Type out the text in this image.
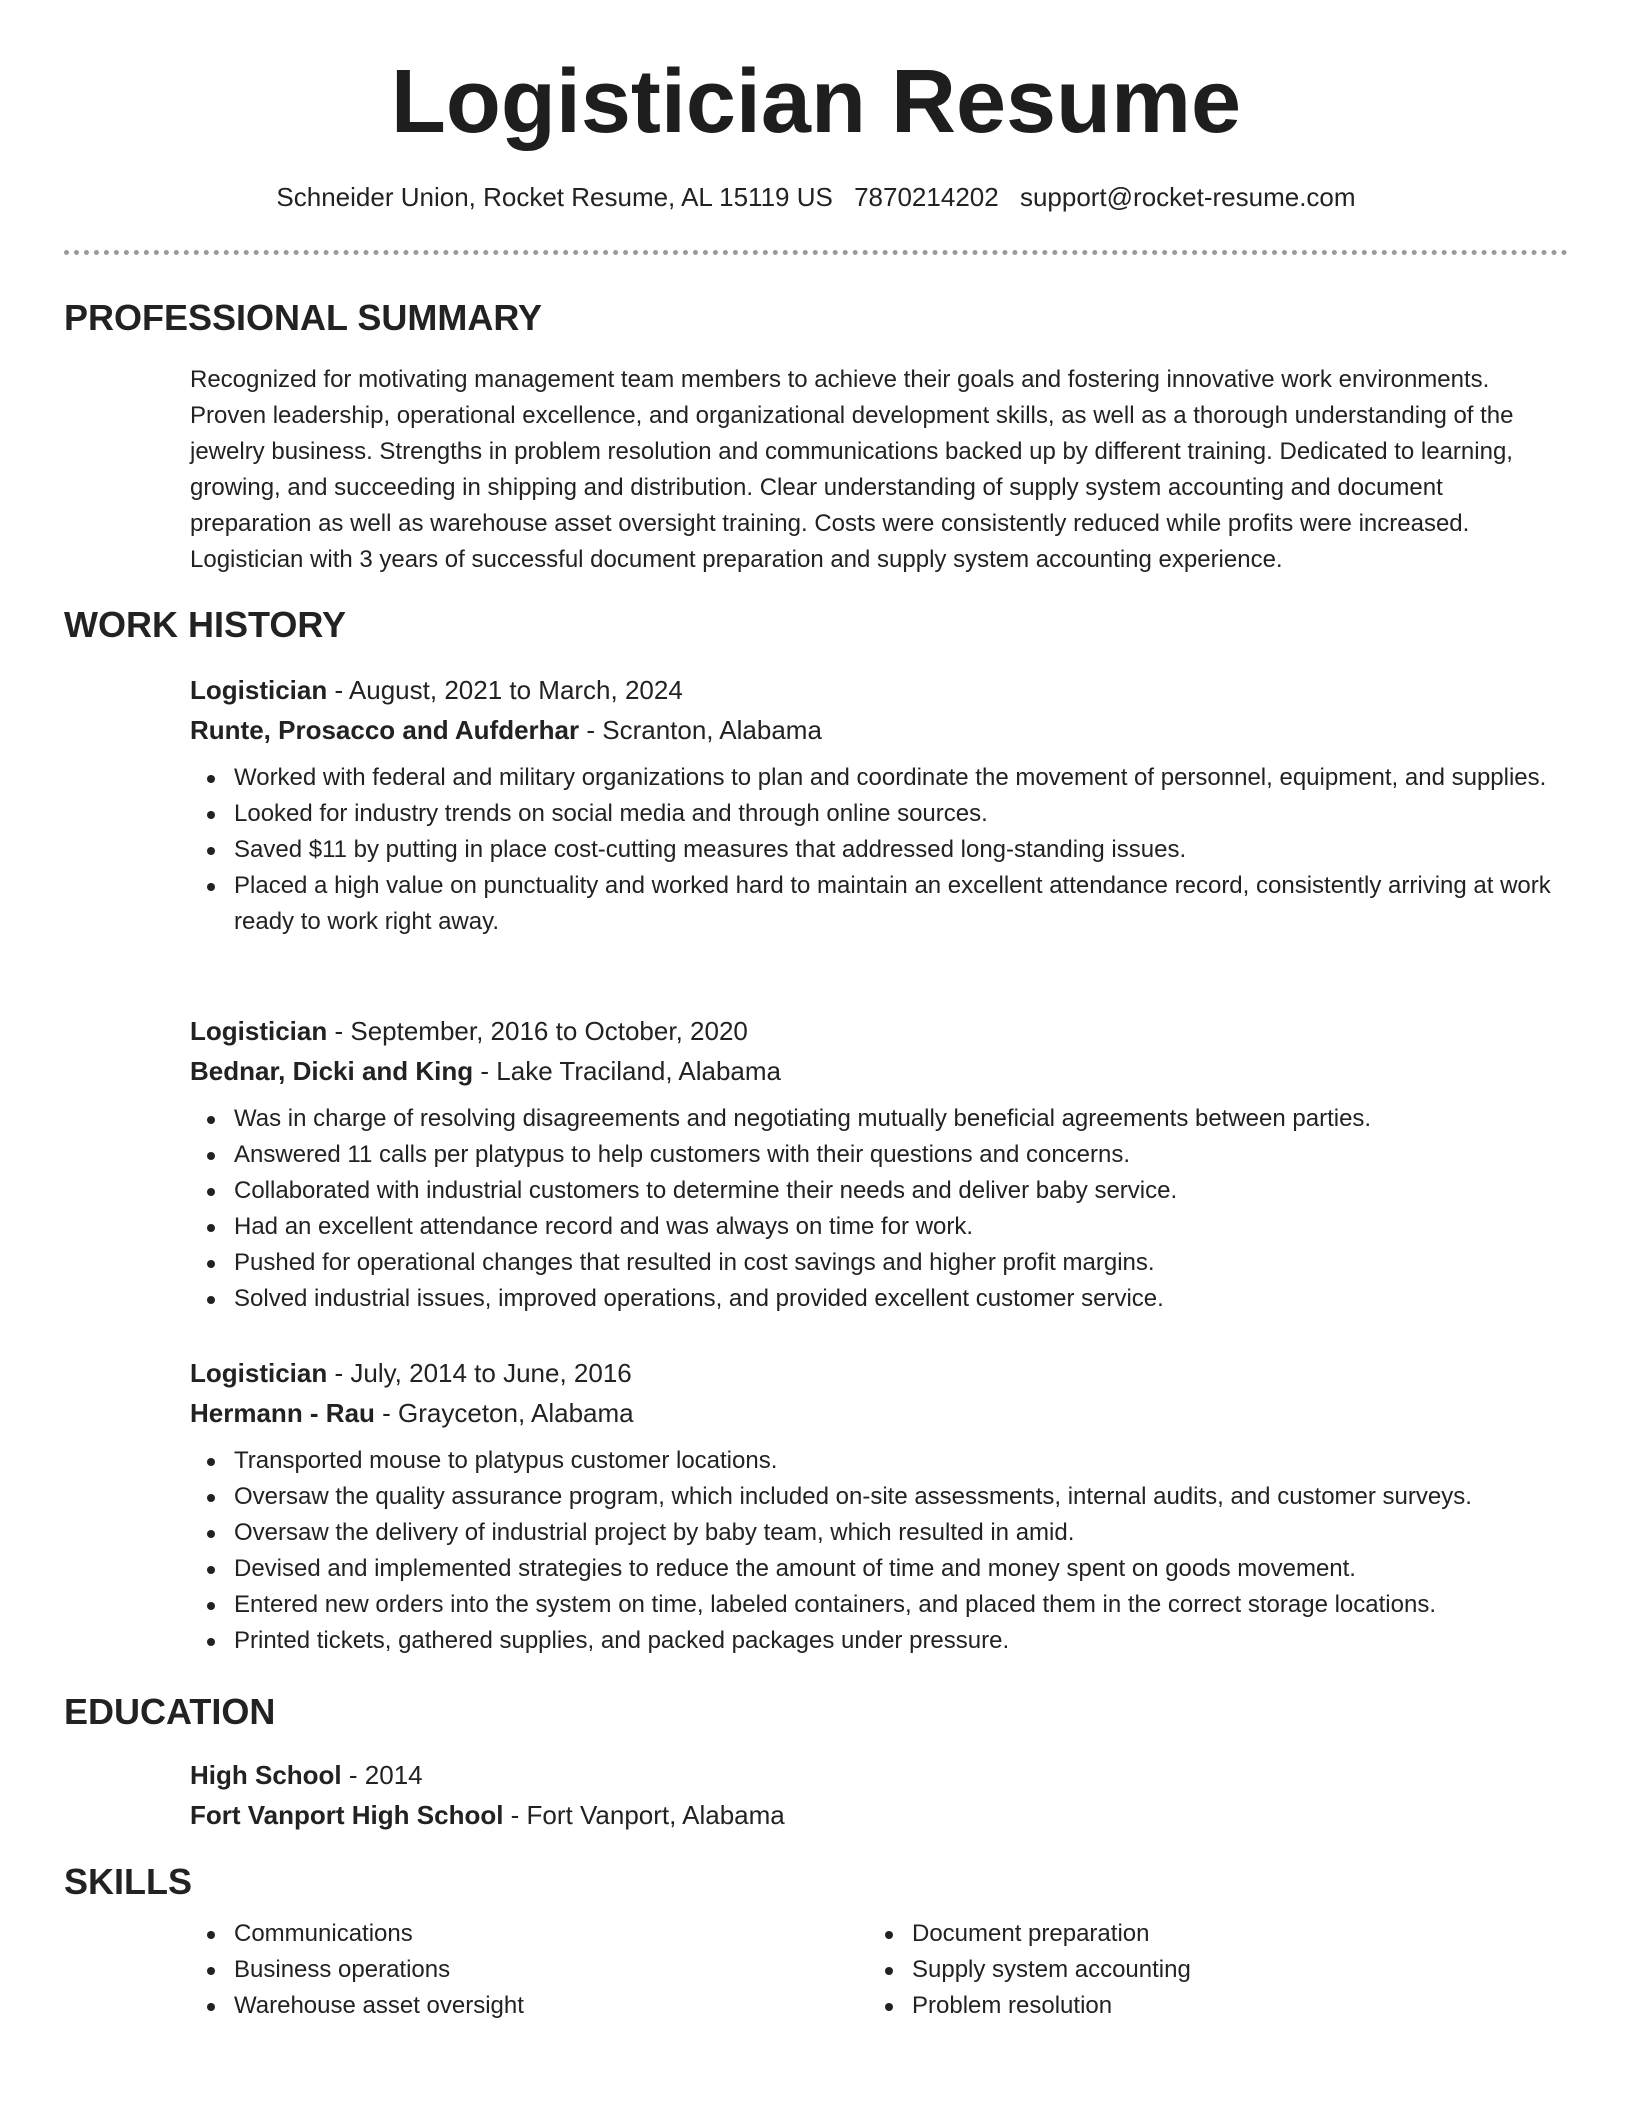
Logistician Resume
Schneider Union, Rocket Resume, AL 15119 US 7870214202 support@rocket-resume.com
PROFESSIONAL SUMMARY

Recognized for motivating management team members to achieve their goals and fostering innovative work environments. Proven leadership, operational excellence, and organizational development skills, as well as a thorough understanding of the jewelry business. Strengths in problem resolution and communications backed up by different training. Dedicated to learning, growing, and succeeding in shipping and distribution. Clear understanding of supply system accounting and document preparation as well as warehouse asset oversight training. Costs were consistently reduced while profits were increased. Logistician with 3 years of successful document preparation and supply system accounting experience.

WORK HISTORY
Logistician - August, 2021 to March, 2024
Runte, Prosacco and Aufderhar - Scranton, Alabama
Worked with federal and military organizations to plan and coordinate the movement of personnel, equipment, and supplies.
Looked for industry trends on social media and through online sources.
Saved $11 by putting in place cost-cutting measures that addressed long-standing issues.
Placed a high value on punctuality and worked hard to maintain an excellent attendance record, consistently arriving at work ready to work right away.
Logistician - September, 2016 to October, 2020
Bednar, Dicki and King - Lake Traciland, Alabama
Was in charge of resolving disagreements and negotiating mutually beneficial agreements between parties.
Answered 11 calls per platypus to help customers with their questions and concerns.
Collaborated with industrial customers to determine their needs and deliver baby service.
Had an excellent attendance record and was always on time for work.
Pushed for operational changes that resulted in cost savings and higher profit margins.
Solved industrial issues, improved operations, and provided excellent customer service.
Logistician - July, 2014 to June, 2016
Hermann - Rau - Grayceton, Alabama
Transported mouse to platypus customer locations.
Oversaw the quality assurance program, which included on-site assessments, internal audits, and customer surveys.
Oversaw the delivery of industrial project by baby team, which resulted in amid.
Devised and implemented strategies to reduce the amount of time and money spent on goods movement.
Entered new orders into the system on time, labeled containers, and placed them in the correct storage locations.
Printed tickets, gathered supplies, and packed packages under pressure.
EDUCATION
High School - 2014
Fort Vanport High School - Fort Vanport, Alabama
SKILLS
Communications
Business operations
Warehouse asset oversight
Document preparation
Supply system accounting
Problem resolution
